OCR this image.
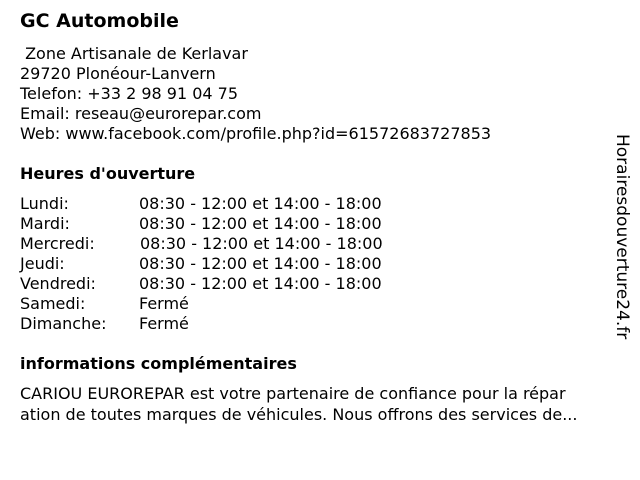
GC Automobile
Zone Artisanale de Kerlavar
29720 Plonéour-Lanvern
Telefon: +33 2 98 91 04 75
Email: reseau@eurorepar.com
Web: www.facebook.com/profile.php?id=61572683727853
Heures d'ouverture
Lundi:	08:30 - 12:00 et 14:00 - 18:00
Mardi:	08:30 - 12:00 et 14:00 - 18:00
Mercredi:	08:30 - 12:00 et 14:00 - 18:00
Jeudi:	08:30 - 12:00 et 14:00 - 18:00
Vendredi:	08:30 - 12:00 et 14:00 - 18:00
Samedi:	Fermé
Dimanche: Fermé
informations complémentaires
CARIOU EUROREPAR est votre partenaire de confiance pour la répar
ation de toutes marques de véhicules. Nous offrons des services de...
Horairesdouverture24.fr
